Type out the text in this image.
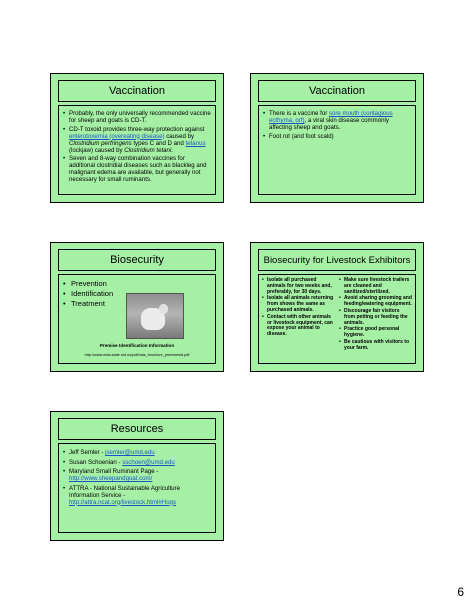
Vaccination
• Probably, the only universally recommended vaccine for sheep and goats is CD-T.
• CD-T toxoid provides three-way protection against enterotoxemia (overeating disease) caused by Clostridium perfringens types C and D and tetanus (lockjaw) caused by Clostridium tetani.
• Seven and 8-way combination vaccines for additional clostridial diseases such as blackleg and malignant edema are available, but generally not necessary for small ruminants.
Vaccination
• There is a vaccine for sore mouth (contagious ecthyma, orf), a viral skin disease commonly affecting sheep and goats.
• Foot rot (and foot scald)
Biosecurity
• Prevention
• Identification
• Treatment
Premise Identification Information
http://www.mda.state.md.us/pdf/nais_brochure_premisesid.pdf
Biosecurity for Livestock Exhibitors
• Isolate all purchased animals for two weeks and, preferably, for 30 days.
• Isolate all animals returning from shows the same as purchased animals.
• Contact with other animals or livestock equipment, can expose your animal to disease.
• Make sure livestock trailers are cleaned and sanitized/sterilized.
• Avoid sharing grooming and feeding/watering equipment.
• Discourage fair visitors from petting or feeding the animals.
• Practice good personal hygiene.
• Be cautious with visitors to your farm.
Resources
• Jeff Semler - jsemler@umd.edu
• Susan Schoenian - sschoen@umd.edu
• Maryland Small Ruminant Page - http://www.sheepandgoat.com/
• ATTRA - National Sustainable Agriculture Information Service - http://attra.ncat.org/livestock.html#Hogs
6
